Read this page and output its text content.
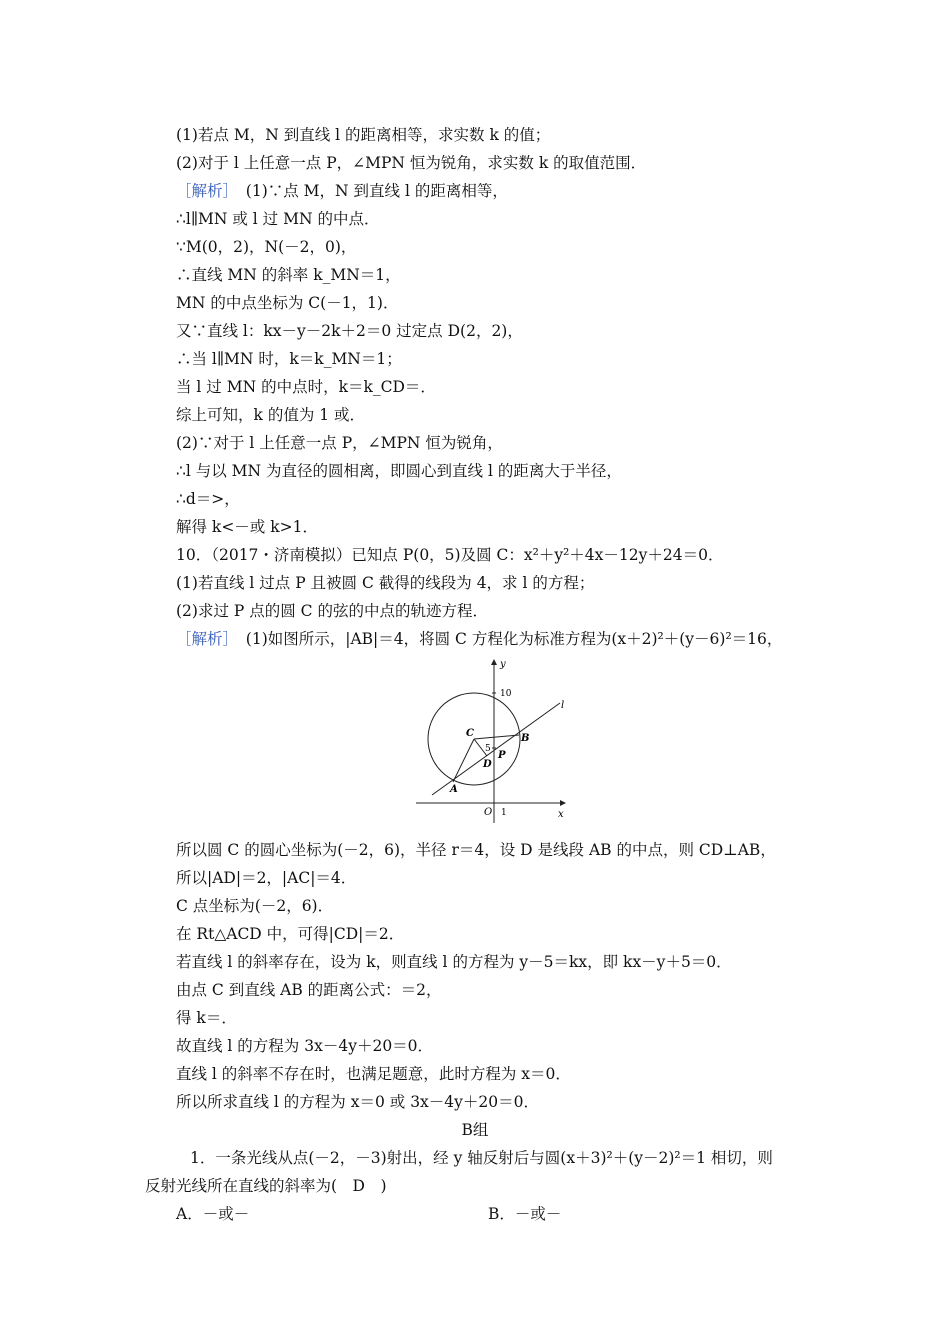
(1)若点 M，N 到直线 l 的距离相等，求实数 k 的值；
(2)对于 l 上任意一点 P，∠MPN 恒为锐角，求实数 k 的取值范围．
［解析］　 (1)∵点 M，N 到直线 l 的距离相等，
∴l∥MN 或 l 过 MN 的中点．
∵M(0，2)，N(－2，0)，
∴直线 MN 的斜率 k_MN＝1，
MN 的中点坐标为 C(－1，1)．
又∵直线 l：kx－y－2k＋2＝0 过定点 D(2，2)，
∴当 l∥MN 时，k＝k_MN＝1；
当 l 过 MN 的中点时，k＝k_CD＝．
综上可知，k 的值为 1 或．
(2)∵对于 l 上任意一点 P，∠MPN 恒为锐角，
∴l 与以 MN 为直径的圆相离，即圆心到直线 l 的距离大于半径，
∴d＝>，
解得 k<－或 k>1．
10．（2017・济南模拟）已知点 P(0，5)及圆 C：x²＋y²＋4x－12y＋24＝0．
(1)若直线 l 过点 P 且被圆 C 截得的线段为 4，求 l 的方程；
(2)求过 P 点的圆 C 的弦的中点的轨迹方程．
［解析］　 (1)如图所示，|AB|＝4，将圆 C 方程化为标准方程为(x＋2)²＋(y－6)²＝16，
y
x
O 1
10
5
l
C	B
A
D
P
所以圆 C 的圆心坐标为(－2，6)，半径 r＝4，设 D 是线段 AB 的中点，则 CD⊥AB，
所以|AD|＝2，|AC|＝4．
C 点坐标为(－2，6)．
在 Rt△ACD 中，可得|CD|＝2．
若直线 l 的斜率存在，设为 k，则直线 l 的方程为 y－5＝kx，即 kx－y＋5＝0．
由点 C 到直线 AB 的距离公式：＝2，
得 k＝．
故直线 l 的方程为 3x－4y＋20＝0．
直线 l 的斜率不存在时，也满足题意，此时方程为 x＝0．
所以所求直线 l 的方程为 x＝0 或 3x－4y＋20＝0．
B组
1．一条光线从点(－2，－3)射出，经 y 轴反射后与圆(x＋3)²＋(y－2)²＝1 相切，则
反射光线所在直线的斜率为(　D　)
A．－或－	B．－或－
